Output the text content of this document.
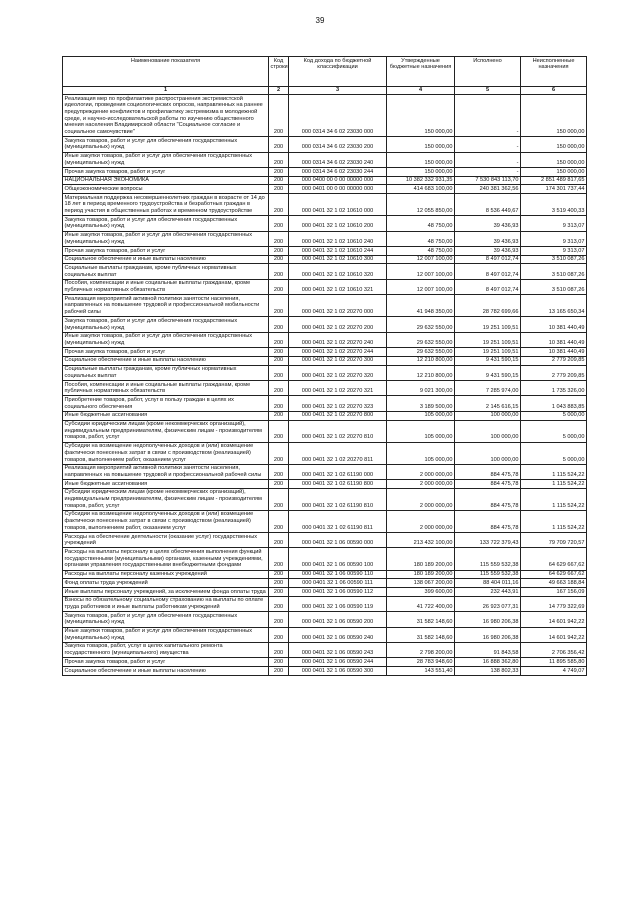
39
Наименование показателя	Код строки	Код дохода по бюджетной классификации	Утвержденные бюджетные назначения	Исполнено	Неисполненные назначения
1	2	3	4	5	6
Реализация мер по профилактике распространения экстремистской идеологии, проведения социологических опросов, направленных на раннее предупреждение конфликтов и профилактику экстремизма в молодежной среде, и научно-исследовательской работы по изучению общественного мнения населения Владимирской области "Социальное согласие и социальное самочувствие"	200	000 0314 34 6 02 23030 000	150 000,00	-	150 000,00
Закупка товаров, работ и услуг для обеспечения государственных (муниципальных) нужд	200	000 0314 34 6 02 23030 200	150 000,00	-	150 000,00
Иные закупки товаров, работ и услуг для обеспечения государственных (муниципальных) нужд	200	000 0314 34 6 02 23030 240	150 000,00	-	150 000,00
Прочая закупка товаров, работ и услуг	200	000 0314 34 6 02 23030 244	150 000,00	-	150 000,00
НАЦИОНАЛЬНАЯ ЭКОНОМИКА	200	000 0400 00 0 00 00000 000	10 382 332 931,35	7 530 843 113,70	2 851 489 817,65
Общеэкономические вопросы	200	000 0401 00 0 00 00000 000	414 683 100,00	240 381 362,56	174 301 737,44
Материальная поддержка несовершеннолетних граждан в возрасте от 14 до 18 лет в период временного трудоустройства и безработных граждан в период участия в общественных работах и временном трудоустройстве	200	000 0401 32 1 02 10610 000	12 055 850,00	8 536 449,67	3 519 400,33
Закупка товаров, работ и услуг для обеспечения государственных (муниципальных) нужд	200	000 0401 32 1 02 10610 200	48 750,00	39 436,93	9 313,07
Иные закупки товаров, работ и услуг для обеспечения государственных (муниципальных) нужд	200	000 0401 32 1 02 10610 240	48 750,00	39 436,93	9 313,07
Прочая закупка товаров, работ и услуг	200	000 0401 32 1 02 10610 244	48 750,00	39 436,93	9 313,07
Социальное обеспечение и иные выплаты населению	200	000 0401 32 1 02 10610 300	12 007 100,00	8 497 012,74	3 510 087,26
Социальные выплаты гражданам, кроме публичных нормативных социальных выплат	200	000 0401 32 1 02 10610 320	12 007 100,00	8 497 012,74	3 510 087,26
Пособия, компенсации и иные социальные выплаты гражданам, кроме публичных нормативных обязательств	200	000 0401 32 1 02 10610 321	12 007 100,00	8 497 012,74	3 510 087,26
Реализация мероприятий активной политики занятости населения, направленных на повышение трудовой и профессиональной мобильности рабочей силы	200	000 0401 32 1 02 20270 000	41 948 350,00	28 782 699,66	13 165 650,34
Закупка товаров, работ и услуг для обеспечения государственных (муниципальных) нужд	200	000 0401 32 1 02 20270 200	29 632 550,00	19 251 109,51	10 381 440,49
Иные закупки товаров, работ и услуг для обеспечения государственных (муниципальных) нужд	200	000 0401 32 1 02 20270 240	29 632 550,00	19 251 109,51	10 381 440,49
Прочая закупка товаров, работ и услуг	200	000 0401 32 1 02 20270 244	29 632 550,00	19 251 109,51	10 381 440,49
Социальное обеспечение и иные выплаты населению	200	000 0401 32 1 02 20270 300	12 210 800,00	9 431 590,15	2 779 209,85
Социальные выплаты гражданам, кроме публичных нормативных социальных выплат	200	000 0401 32 1 02 20270 320	12 210 800,00	9 431 590,15	2 779 209,85
Пособия, компенсации и иные социальные выплаты гражданам, кроме публичных нормативных обязательств	200	000 0401 32 1 02 20270 321	9 021 300,00	7 285 974,00	1 735 326,00
Приобретение товаров, работ, услуг в пользу граждан в целях их социального обеспечения	200	000 0401 32 1 02 20270 323	3 189 500,00	2 145 616,15	1 043 883,85
Иные бюджетные ассигнования	200	000 0401 32 1 02 20270 800	105 000,00	100 000,00	5 000,00
Субсидии юридическим лицам (кроме некоммерческих организаций), индивидуальным предпринимателям, физическим лицам - производителям товаров, работ, услуг	200	000 0401 32 1 02 20270 810	105 000,00	100 000,00	5 000,00
Субсидии на возмещение недополученных доходов и (или) возмещение фактически понесенных затрат в связи с производством (реализацией) товаров, выполнением работ, оказанием услуг	200	000 0401 32 1 02 20270 811	105 000,00	100 000,00	5 000,00
Реализация мероприятий активной политики занятости населения, направленных на повышение трудовой и профессиональной рабочей силы	200	000 0401 32 1 02 61190 000	2 000 000,00	884 475,78	1 115 524,22
Иные бюджетные ассигнования	200	000 0401 32 1 02 61190 800	2 000 000,00	884 475,78	1 115 524,22
Субсидии юридическим лицам (кроме некоммерческих организаций), индивидуальным предпринимателям, физическим лицам - производителям товаров, работ, услуг	200	000 0401 32 1 02 61190 810	2 000 000,00	884 475,78	1 115 524,22
Субсидии на возмещение недополученных доходов и (или) возмещение фактически понесенных затрат в связи с производством (реализацией) товаров, выполнением работ, оказанием услуг	200	000 0401 32 1 02 61190 811	2 000 000,00	884 475,78	1 115 524,22
Расходы на обеспечение деятельности (оказание услуг) государственных учреждений	200	000 0401 32 1 06 00590 000	213 432 100,00	133 722 379,43	79 709 720,57
Расходы на выплаты персоналу в целях обеспечения выполнения функций государственными (муниципальными) органами, казенными учреждениями, органами управления государственными внебюджетными фондами	200	000 0401 32 1 06 00590 100	180 189 200,00	115 559 532,38	64 629 667,62
Расходы на выплаты персоналу казенных учреждений	200	000 0401 32 1 06 00590 110	180 189 200,00	115 559 532,38	64 629 667,62
Фонд оплаты труда учреждений	200	000 0401 32 1 06 00590 111	138 067 200,00	88 404 011,16	49 663 188,84
Иные выплаты персоналу учреждений, за исключением фонда оплаты труда	200	000 0401 32 1 06 00590 112	399 600,00	232 443,91	167 156,09
Взносы по обязательному социальному страхованию на выплаты по оплате труда работников и иные выплаты работникам учреждений	200	000 0401 32 1 06 00590 119	41 722 400,00	26 923 077,31	14 779 322,69
Закупка товаров, работ и услуг для обеспечения государственных (муниципальных) нужд	200	000 0401 32 1 06 00590 200	31 582 148,60	16 980 206,38	14 601 942,22
Иные закупки товаров, работ и услуг для обеспечения государственных (муниципальных) нужд	200	000 0401 32 1 06 00590 240	31 582 148,60	16 980 206,38	14 601 942,22
Закупка товаров, работ, услуг в целях капитального ремонта государственного (муниципального) имущества	200	000 0401 32 1 06 00590 243	2 798 200,00	91 843,58	2 706 356,42
Прочая закупка товаров, работ и услуг	200	000 0401 32 1 06 00590 244	28 783 948,60	16 888 362,80	11 895 585,80
Социальное обеспечение и иные выплаты населению	200	000 0401 32 1 06 00590 300	143 551,40	138 802,33	4 749,07
